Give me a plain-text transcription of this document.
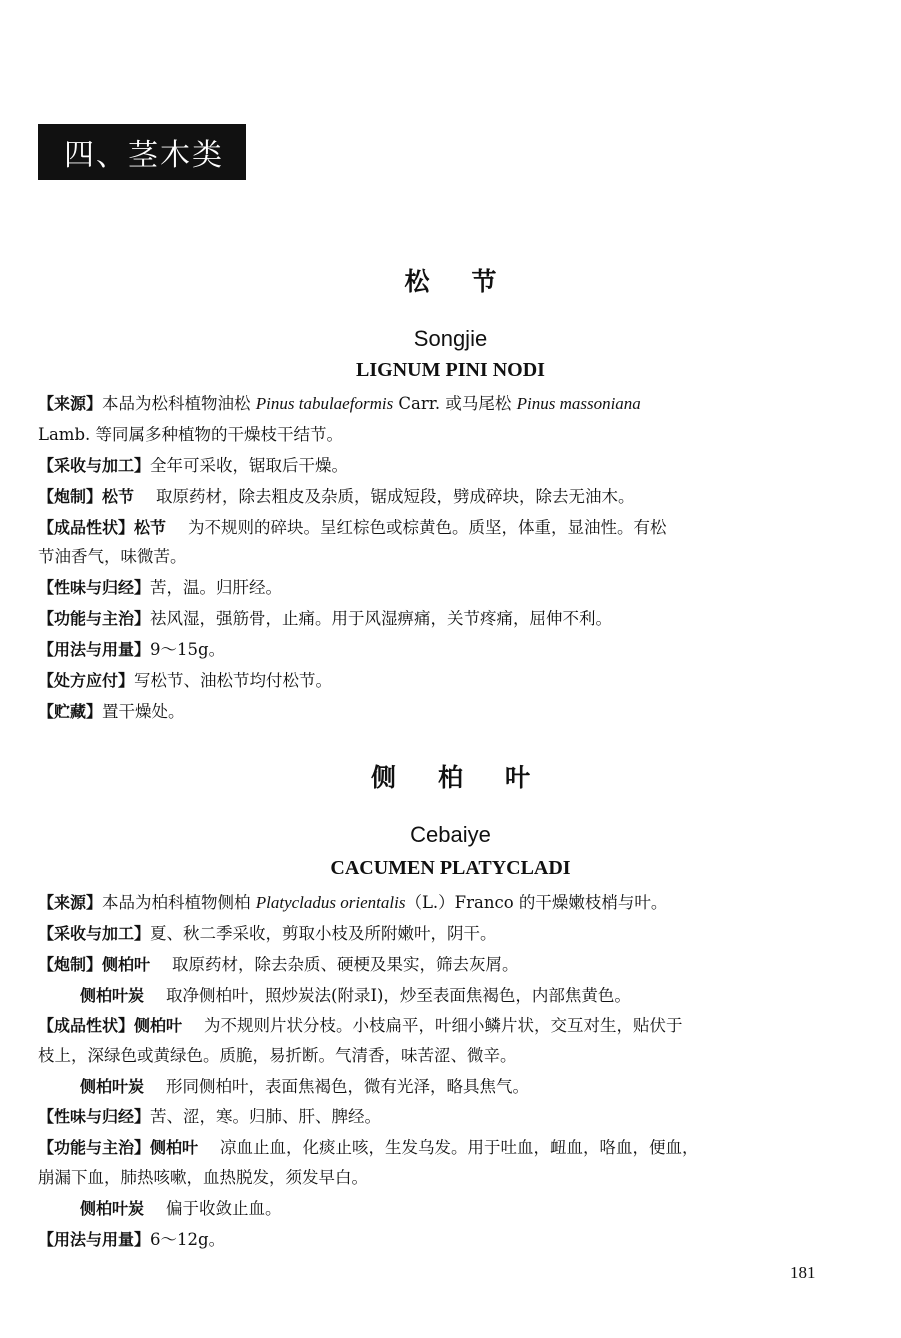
四、茎木类
松节
Songjie
LIGNUM PINI NODI
【来源】本品为松科植物油松 Pinus tabulaeformis Carr. 或马尾松 Pinus massoniana
Lamb. 等同属多种植物的干燥枝干结节。
【采收与加工】全年可采收，锯取后干燥。
【炮制】松节 取原药材，除去粗皮及杂质，锯成短段，劈成碎块，除去无油木。
【成品性状】松节 为不规则的碎块。呈红棕色或棕黄色。质坚，体重，显油性。有松
节油香气，味微苦。
【性味与归经】苦，温。归肝经。
【功能与主治】祛风湿，强筋骨，止痛。用于风湿痹痛，关节疼痛，屈伸不利。
【用法与用量】9～15g。
【处方应付】写松节、油松节均付松节。
【贮藏】置干燥处。
侧柏叶
Cebaiye
CACUMEN PLATYCLADI
【来源】本品为柏科植物侧柏 Platycladus orientalis（L.）Franco 的干燥嫩枝梢与叶。
【采收与加工】夏、秋二季采收，剪取小枝及所附嫩叶，阴干。
【炮制】侧柏叶 取原药材，除去杂质、硬梗及果实，筛去灰屑。
侧柏叶炭 取净侧柏叶，照炒炭法(附录Ⅰ)，炒至表面焦褐色，内部焦黄色。
【成品性状】侧柏叶 为不规则片状分枝。小枝扁平，叶细小鳞片状，交互对生，贴伏于
枝上，深绿色或黄绿色。质脆，易折断。气清香，味苦涩、微辛。
侧柏叶炭 形同侧柏叶，表面焦褐色，微有光泽，略具焦气。
【性味与归经】苦、涩，寒。归肺、肝、脾经。
【功能与主治】侧柏叶 凉血止血，化痰止咳，生发乌发。用于吐血，衄血，咯血，便血，
崩漏下血，肺热咳嗽，血热脱发，须发早白。
侧柏叶炭 偏于收敛止血。
【用法与用量】6～12g。
181
